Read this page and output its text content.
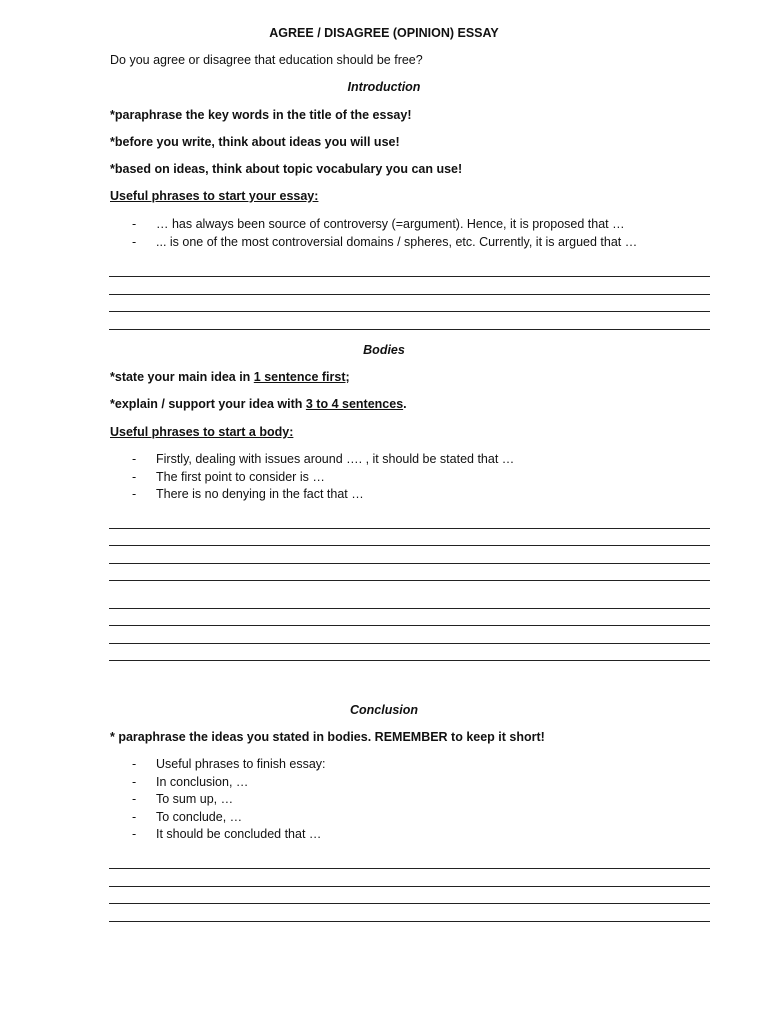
AGREE / DISAGREE (OPINION) ESSAY
Do you agree or disagree that education should be free?
Introduction
*paraphrase the key words in the title of the essay!
*before you write, think about ideas you will use!
*based on ideas, think about topic vocabulary you can use!
Useful phrases to start your essay:
- … has always been source of controversy (=argument). Hence, it is proposed that …
- ... is one of the most controversial domains / spheres, etc. Currently, it is argued that …
Bodies
*state your main idea in 1 sentence first;
*explain / support your idea with 3 to 4 sentences.
Useful phrases to start a body:
- Firstly, dealing with issues around …. , it should be stated that …
- The first point to consider is …
- There is no denying in the fact that …
Conclusion
* paraphrase the ideas you stated in bodies. REMEMBER to keep it short!
- Useful phrases to finish essay:
- In conclusion, …
- To sum up, …
- To conclude, …
- It should be concluded that …
